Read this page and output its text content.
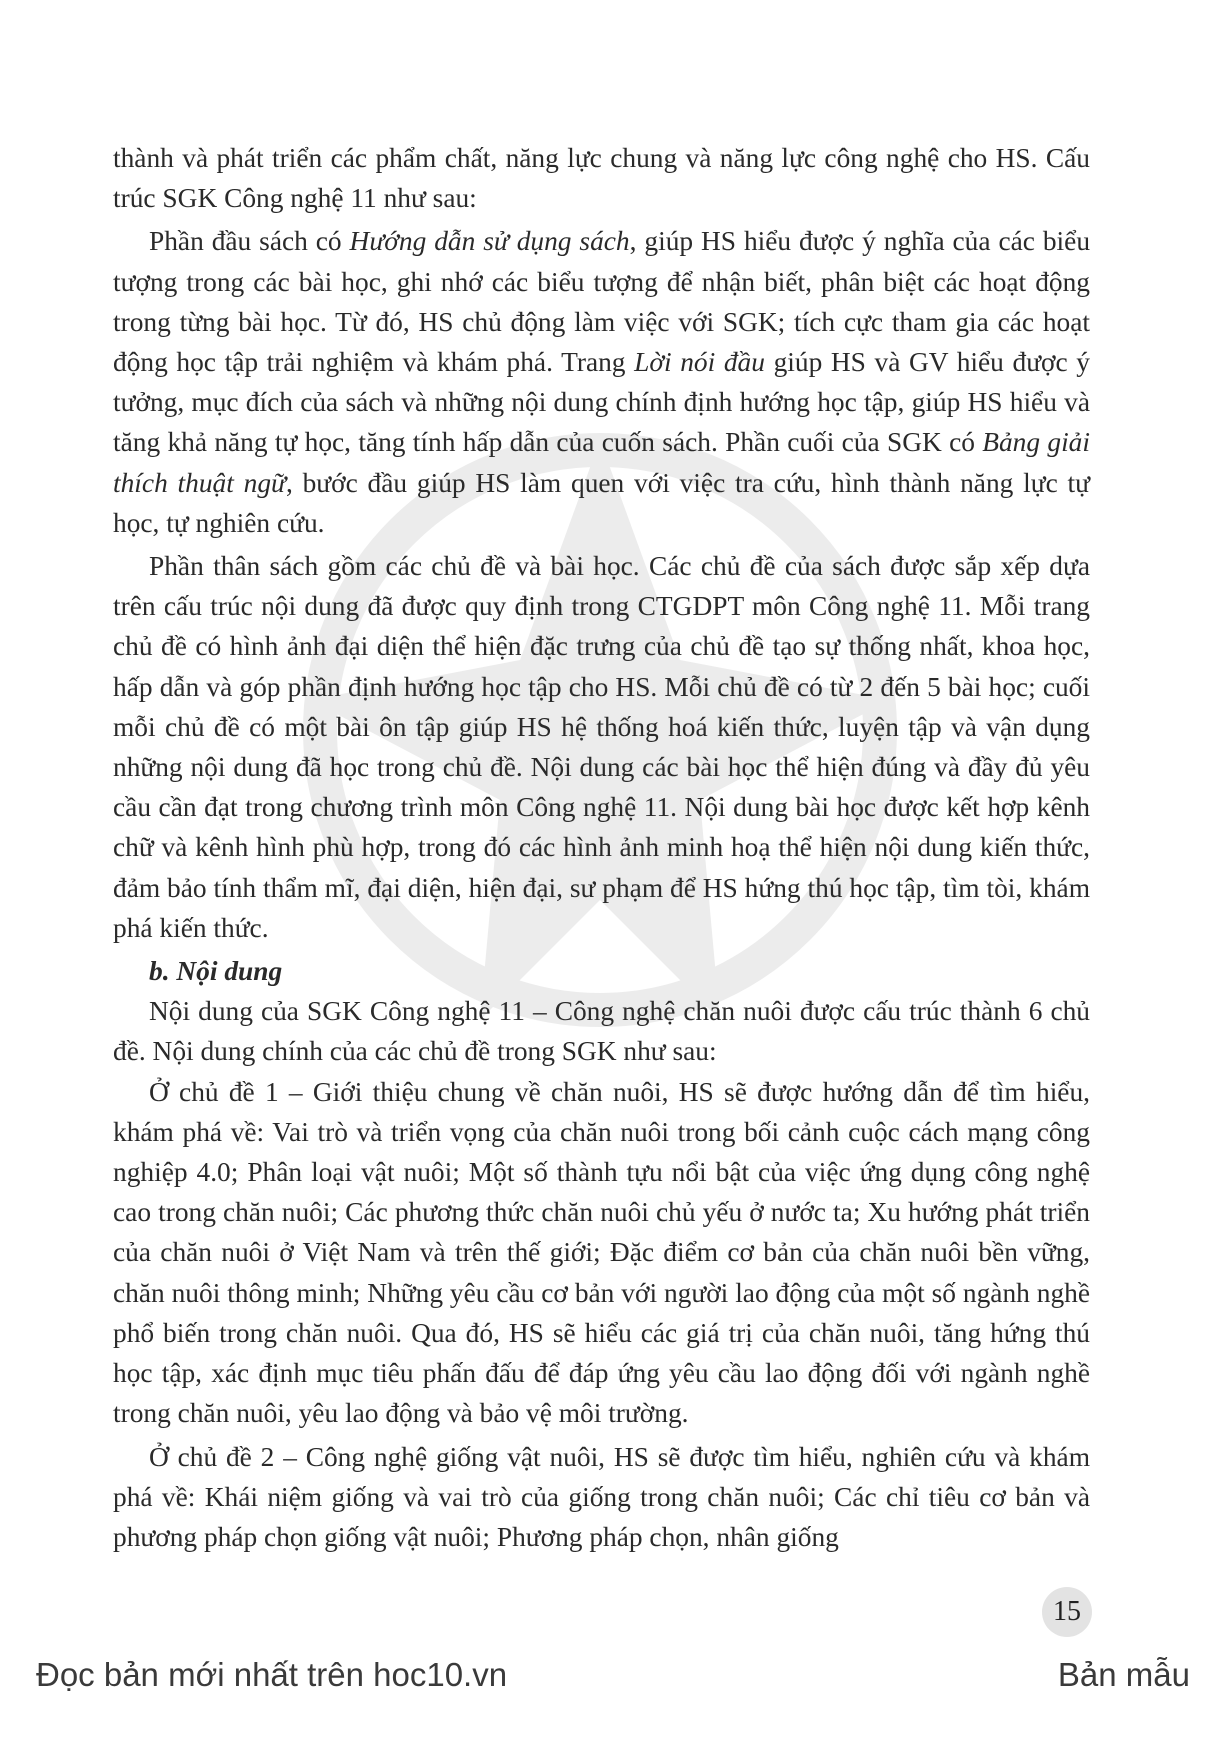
thành và phát triển các phẩm chất, năng lực chung và năng lực công nghệ cho HS. Cấu trúc SGK Công nghệ 11 như sau:

Phần đầu sách có Hướng dẫn sử dụng sách, giúp HS hiểu được ý nghĩa của các biểu tượng trong các bài học, ghi nhớ các biểu tượng để nhận biết, phân biệt các hoạt động trong từng bài học. Từ đó, HS chủ động làm việc với SGK; tích cực tham gia các hoạt động học tập trải nghiệm và khám phá. Trang Lời nói đầu giúp HS và GV hiểu được ý tưởng, mục đích của sách và những nội dung chính định hướng học tập, giúp HS hiểu và tăng khả năng tự học, tăng tính hấp dẫn của cuốn sách. Phần cuối của SGK có Bảng giải thích thuật ngữ, bước đầu giúp HS làm quen với việc tra cứu, hình thành năng lực tự học, tự nghiên cứu.

Phần thân sách gồm các chủ đề và bài học. Các chủ đề của sách được sắp xếp dựa trên cấu trúc nội dung đã được quy định trong CTGDPT môn Công nghệ 11. Mỗi trang chủ đề có hình ảnh đại diện thể hiện đặc trưng của chủ đề tạo sự thống nhất, khoa học, hấp dẫn và góp phần định hướng học tập cho HS. Mỗi chủ đề có từ 2 đến 5 bài học; cuối mỗi chủ đề có một bài ôn tập giúp HS hệ thống hoá kiến thức, luyện tập và vận dụng những nội dung đã học trong chủ đề. Nội dung các bài học thể hiện đúng và đầy đủ yêu cầu cần đạt trong chương trình môn Công nghệ 11. Nội dung bài học được kết hợp kênh chữ và kênh hình phù hợp, trong đó các hình ảnh minh hoạ thể hiện nội dung kiến thức, đảm bảo tính thẩm mĩ, đại diện, hiện đại, sư phạm để HS hứng thú học tập, tìm tòi, khám phá kiến thức.

b. Nội dung

Nội dung của SGK Công nghệ 11 – Công nghệ chăn nuôi được cấu trúc thành 6 chủ đề. Nội dung chính của các chủ đề trong SGK như sau:

Ở chủ đề 1 – Giới thiệu chung về chăn nuôi, HS sẽ được hướng dẫn để tìm hiểu, khám phá về: Vai trò và triển vọng của chăn nuôi trong bối cảnh cuộc cách mạng công nghiệp 4.0; Phân loại vật nuôi; Một số thành tựu nổi bật của việc ứng dụng công nghệ cao trong chăn nuôi; Các phương thức chăn nuôi chủ yếu ở nước ta; Xu hướng phát triển của chăn nuôi ở Việt Nam và trên thế giới; Đặc điểm cơ bản của chăn nuôi bền vững, chăn nuôi thông minh; Những yêu cầu cơ bản với người lao động của một số ngành nghề phổ biến trong chăn nuôi. Qua đó, HS sẽ hiểu các giá trị của chăn nuôi, tăng hứng thú học tập, xác định mục tiêu phấn đấu để đáp ứng yêu cầu lao động đối với ngành nghề trong chăn nuôi, yêu lao động và bảo vệ môi trường.

Ở chủ đề 2 – Công nghệ giống vật nuôi, HS sẽ được tìm hiểu, nghiên cứu và khám phá về: Khái niệm giống và vai trò của giống trong chăn nuôi; Các chỉ tiêu cơ bản và phương pháp chọn giống vật nuôi; Phương pháp chọn, nhân giống

15
Đọc bản mới nhất trên hoc10.vn	Bản mẫu
